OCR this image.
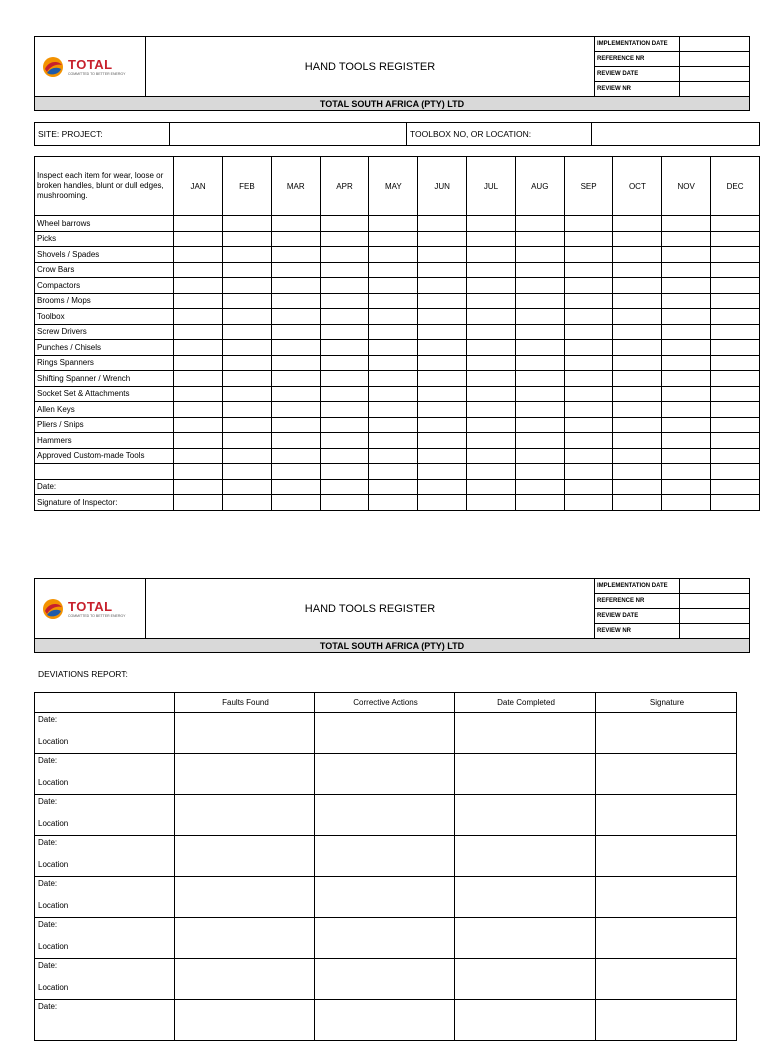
	HAND TOOLS REGISTER	IMPLEMENTATION DATE	
		REFERENCE NR	
		REVIEW DATE	
		REVIEW NR	
TOTAL SOUTH AFRICA (PTY) LTD			
TOTAL
COMMITTED TO BETTER ENERGY
SITE: PROJECT:		TOOLBOX NO, OR LOCATION:	
Inspect each item for wear, loose or broken handles, blunt or dull edges, mushrooming.	JAN	FEB	MAR	APR	MAY	JUN	JUL	AUG	SEP	OCT	NOV	DEC
Wheel barrows												
Picks												
Shovels / Spades												
Crow Bars												
Compactors												
Brooms / Mops												
Toolbox												
Screw Drivers												
Punches / Chisels												
Rings Spanners												
Shifting Spanner / Wrench												
Socket Set & Attachments												
Allen Keys												
Pliers / Snips												
Hammers												
Approved Custom-made Tools												

Date:												
Signature of Inspector:												
	HAND TOOLS REGISTER	IMPLEMENTATION DATE	
		REFERENCE NR	
		REVIEW DATE	
		REVIEW NR	
TOTAL SOUTH AFRICA (PTY) LTD			
TOTAL
COMMITTED TO BETTER ENERGY
DEVIATIONS REPORT:
	Faults Found	Corrective Actions	Date Completed	Signature

Date:
Location				

Date:
Location				

Date:
Location				

Date:
Location				

Date:
Location				

Date:
Location				

Date:
Location				

Date:				
